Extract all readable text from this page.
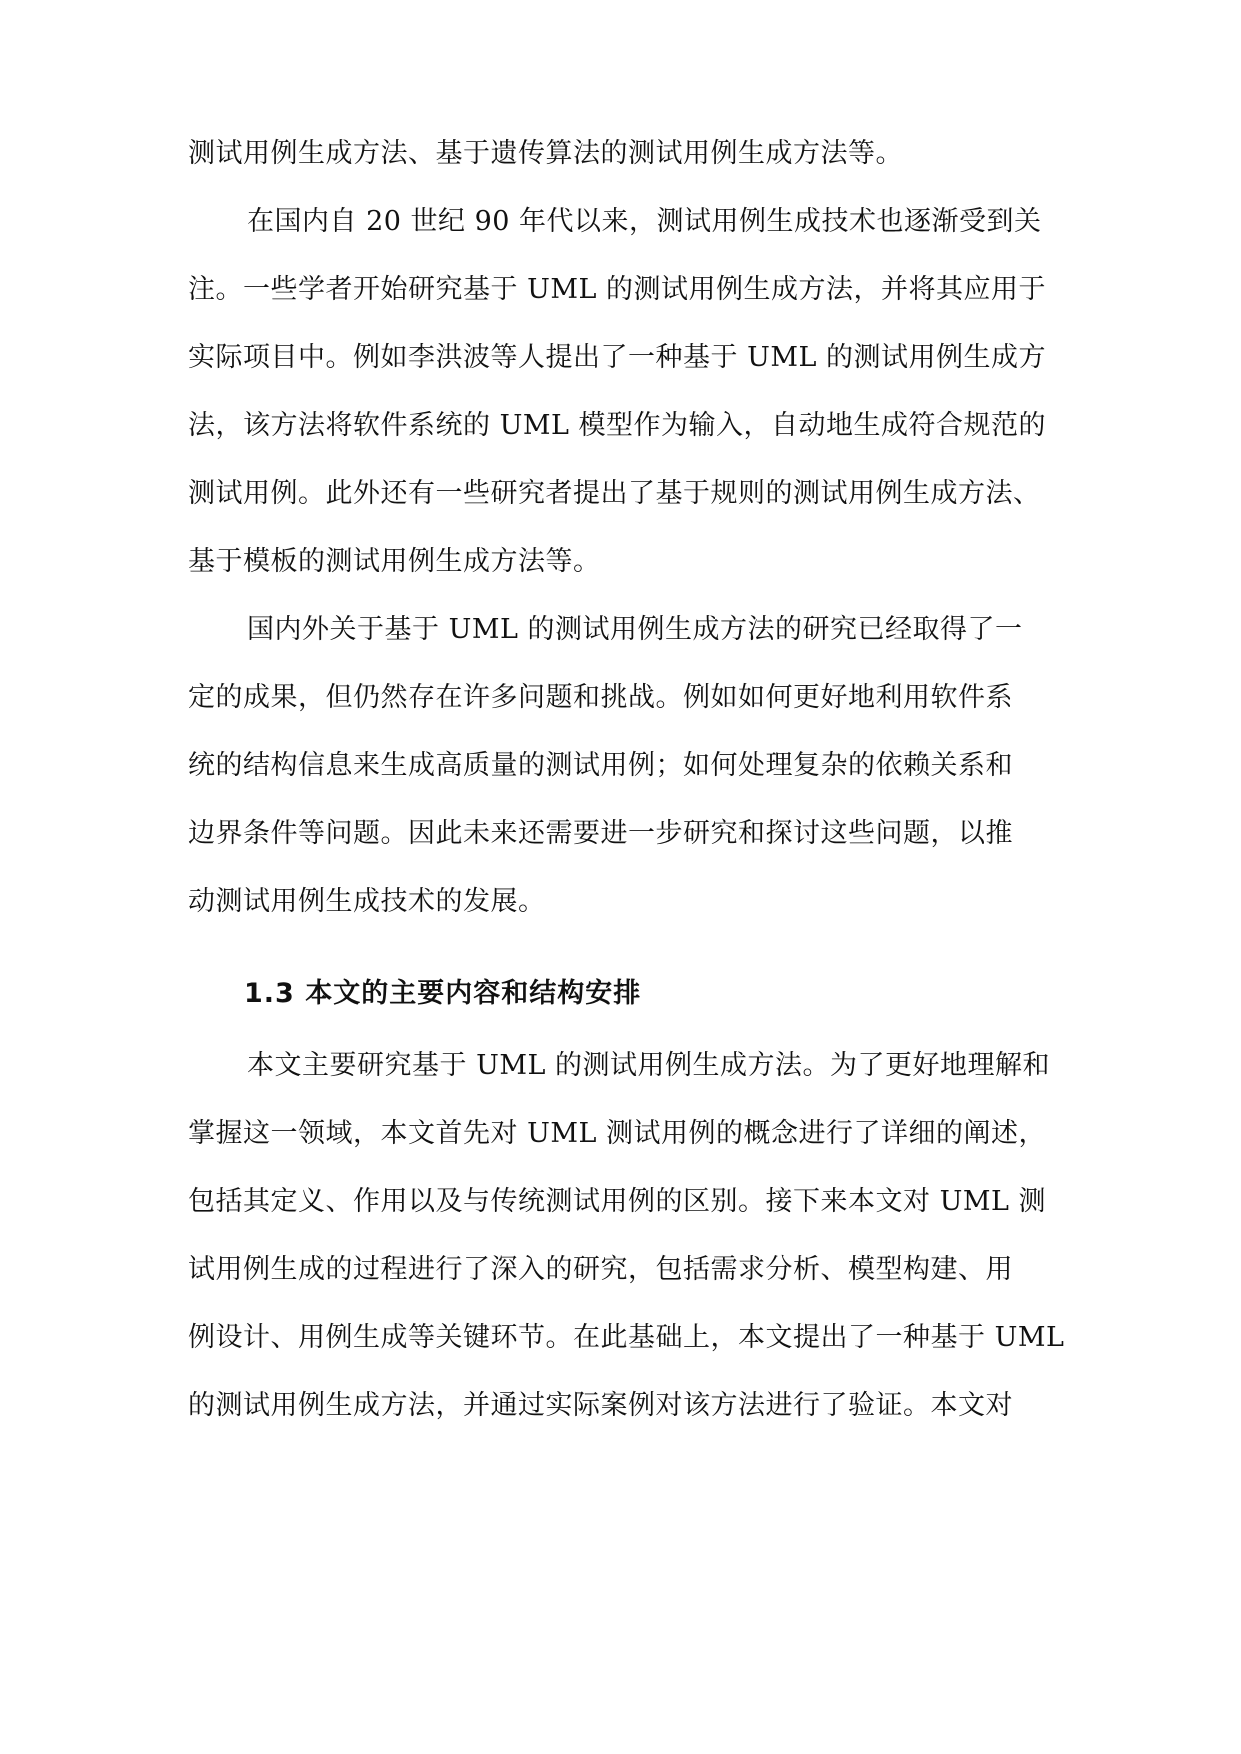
测试用例生成方法、基于遗传算法的测试用例生成方法等。
在国内自 20 世纪 90 年代以来，测试用例生成技术也逐渐受到关
注。一些学者开始研究基于 UML 的测试用例生成方法，并将其应用于
实际项目中。例如李洪波等人提出了一种基于 UML 的测试用例生成方
法，该方法将软件系统的 UML 模型作为输入，自动地生成符合规范的
测试用例。此外还有一些研究者提出了基于规则的测试用例生成方法、
基于模板的测试用例生成方法等。
国内外关于基于 UML 的测试用例生成方法的研究已经取得了一
定的成果，但仍然存在许多问题和挑战。例如如何更好地利用软件系
统的结构信息来生成高质量的测试用例；如何处理复杂的依赖关系和
边界条件等问题。因此未来还需要进一步研究和探讨这些问题，以推
动测试用例生成技术的发展。
1.3 本文的主要内容和结构安排
本文主要研究基于 UML 的测试用例生成方法。为了更好地理解和
掌握这一领域，本文首先对 UML 测试用例的概念进行了详细的阐述，
包括其定义、作用以及与传统测试用例的区别。接下来本文对 UML 测
试用例生成的过程进行了深入的研究，包括需求分析、模型构建、用
例设计、用例生成等关键环节。在此基础上，本文提出了一种基于 UML
的测试用例生成方法，并通过实际案例对该方法进行了验证。本文对
